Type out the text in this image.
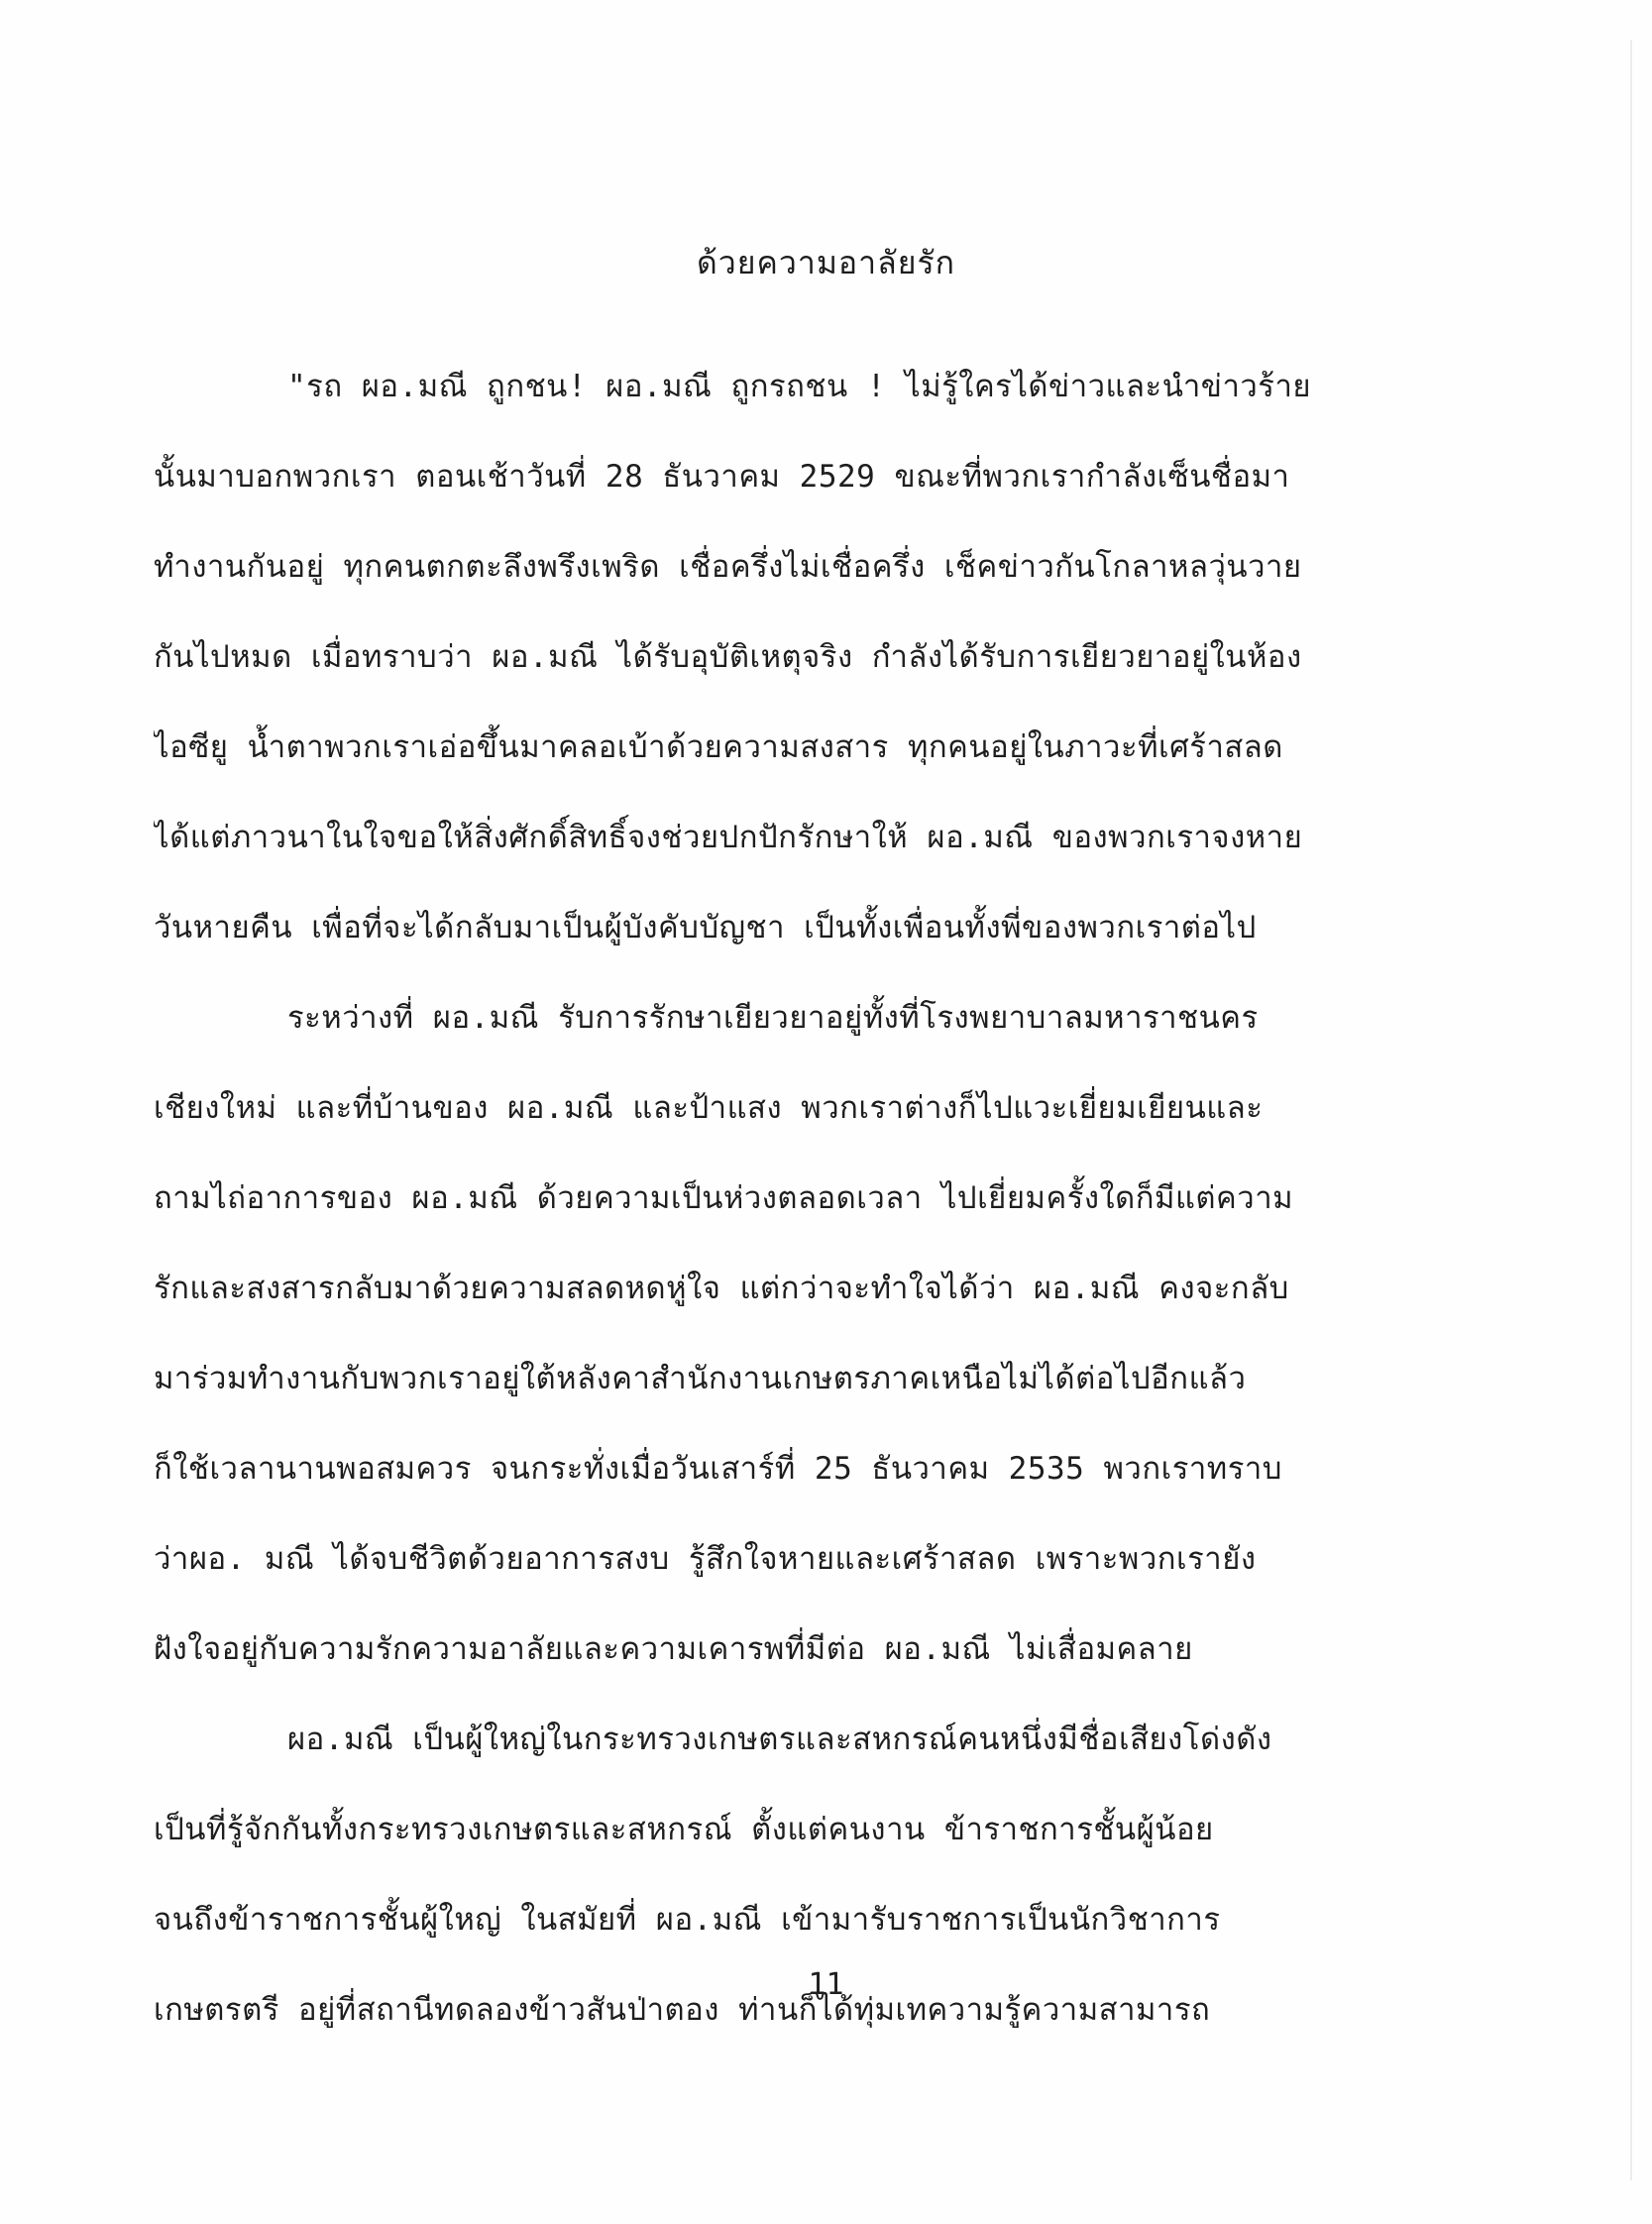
ด้วยความอาลัยรัก
"รถ ผอ.มณี ถูกชน! ผอ.มณี ถูกรถชน ! ไม่รู้ใครได้ข่าวและนำข่าวร้าย
นั้นมาบอกพวกเรา ตอนเช้าวันที่ 28 ธันวาคม 2529 ขณะที่พวกเรากำลังเซ็นชื่อมา
ทำงานกันอยู่ ทุกคนตกตะลึงพรึงเพริด เชื่อครึ่งไม่เชื่อครึ่ง เช็คข่าวกันโกลาหลวุ่นวาย
กันไปหมด เมื่อทราบว่า ผอ.มณี ได้รับอุบัติเหตุจริง กำลังได้รับการเยียวยาอยู่ในห้อง
ไอซียู น้ำตาพวกเราเอ่อขึ้นมาคลอเบ้าด้วยความสงสาร ทุกคนอยู่ในภาวะที่เศร้าสลด
ได้แต่ภาวนาในใจขอให้สิ่งศักดิ์สิทธิ์จงช่วยปกปักรักษาให้ ผอ.มณี ของพวกเราจงหาย
วันหายคืน เพื่อที่จะได้กลับมาเป็นผู้บังคับบัญชา เป็นทั้งเพื่อนทั้งพี่ของพวกเราต่อไป
ระหว่างที่ ผอ.มณี รับการรักษาเยียวยาอยู่ทั้งที่โรงพยาบาลมหาราชนคร
เชียงใหม่ และที่บ้านของ ผอ.มณี และป้าแสง พวกเราต่างก็ไปแวะเยี่ยมเยียนและ
ถามไถ่อาการของ ผอ.มณี ด้วยความเป็นห่วงตลอดเวลา ไปเยี่ยมครั้งใดก็มีแต่ความ
รักและสงสารกลับมาด้วยความสลดหดหู่ใจ แต่กว่าจะทำใจได้ว่า ผอ.มณี คงจะกลับ
มาร่วมทำงานกับพวกเราอยู่ใต้หลังคาสำนักงานเกษตรภาคเหนือไม่ได้ต่อไปอีกแล้ว
ก็ใช้เวลานานพอสมควร จนกระทั่งเมื่อวันเสาร์ที่ 25 ธันวาคม 2535 พวกเราทราบ
ว่าผอ. มณี ได้จบชีวิตด้วยอาการสงบ รู้สึกใจหายและเศร้าสลด เพราะพวกเรายัง
ฝังใจอยู่กับความรักความอาลัยและความเคารพที่มีต่อ ผอ.มณี ไม่เสื่อมคลาย
ผอ.มณี เป็นผู้ใหญ่ในกระทรวงเกษตรและสหกรณ์คนหนึ่งมีชื่อเสียงโด่งดัง
เป็นที่รู้จักกันทั้งกระทรวงเกษตรและสหกรณ์ ตั้งแต่คนงาน ข้าราชการชั้นผู้น้อย
จนถึงข้าราชการชั้นผู้ใหญ่ ในสมัยที่ ผอ.มณี เข้ามารับราชการเป็นนักวิชาการ
เกษตรตรี อยู่ที่สถานีทดลองข้าวสันป่าตอง ท่านก็ได้ทุ่มเทความรู้ความสามารถ
11
